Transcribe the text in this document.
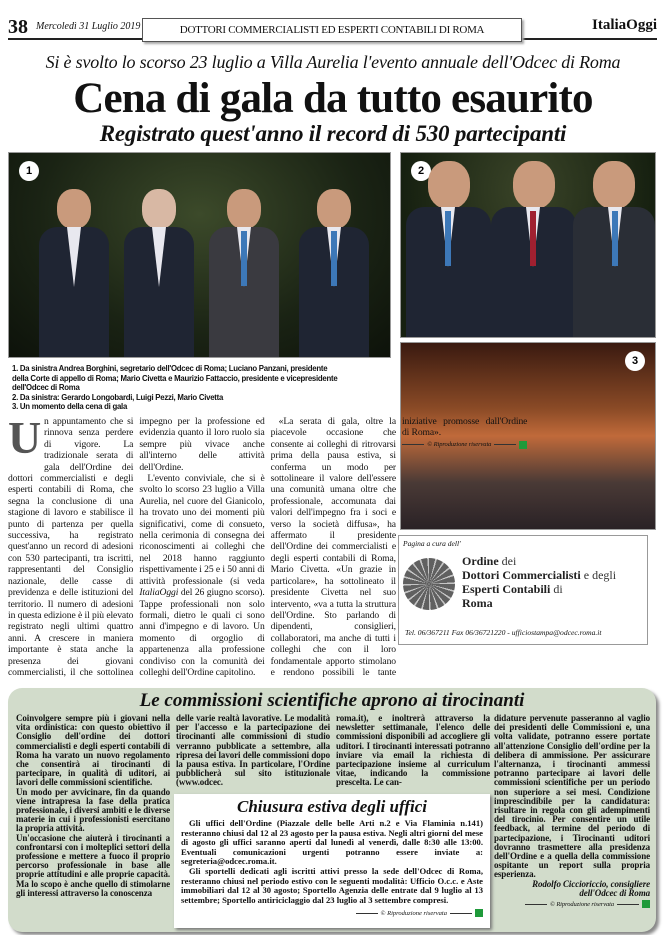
38 Mercoledì 31 Luglio 2019	DOTTORI COMMERCIALISTI ED ESPERTI CONTABILI DI ROMA	ItaliaOggi
Si è svolto lo scorso 23 luglio a Villa Aurelia l'evento annuale dell'Odcec di Roma
Cena di gala da tutto esaurito
Registrato quest'anno il record di 530 partecipanti
1	2
3
1. Da sinistra Andrea Borghini, segretario dell'Odcec di Roma; Luciano Panzani, presidente
della Corte di appello di Roma; Mario Civetta e Maurizio Fattaccio, presidente e vicepresidente
dell'Odcec di Roma
2. Da sinistra: Gerardo Longobardi, Luigi Pezzi, Mario Civetta
3. Un momento della cena di gala

Un appuntamento che si rinnova senza perdere di vigore. La tradizionale serata di gala dell'Ordine dei dottori commercialisti e degli esperti contabili di Roma, che segna la conclusione di una stagione di lavoro e stabilisce il punto di partenza per quella successiva, ha registrato quest'anno un record di adesioni con 530 partecipanti, tra iscritti, rappresentanti del Consiglio nazionale, delle casse di previdenza e delle istituzioni del territorio. Il numero di adesioni in questa edizione è il più elevato registrato negli ultimi quattro anni. A crescere in maniera importante è stata anche la presenza dei giovani commercialisti, il che sottolinea impegno per la professione ed evidenzia quanto il loro ruolo sia sempre più vivace anche all'interno delle attività dell'Ordine.

L'evento conviviale, che si è svolto lo scorso 23 luglio a Villa Aurelia, nel cuore del Gianicolo, ha trovato uno dei momenti più significativi, come di consueto, nella cerimonia di consegna dei riconoscimenti ai colleghi che nel 2018 hanno raggiunto rispettivamente i 25 e i 50 anni di attività professionale (si veda ItaliaOggi del 26 giugno scorso). Tappe professionali non solo formali, dietro le quali ci sono anni d'impegno e di lavoro. Un momento di orgoglio di appartenenza alla professione condiviso con la comunità dei colleghi dell'Ordine capitolino.

«La serata di gala, oltre la piacevole occasione che consente ai colleghi di ritrovarsi prima della pausa estiva, si conferma un modo per sottolineare il valore dell'essere una comunità umana oltre che professionale, accomunata dai valori dell'impegno fra i soci e verso la società diffusa», ha affermato il presidente dell'Ordine dei commercialisti e degli esperti contabili di Roma, Mario Civetta. «Un grazie in particolare», ha sottolineato il presidente Civetta nel suo intervento, «va a tutta la struttura dell'Ordine. Sto parlando di dipendenti, consiglieri, collaboratori, ma anche di tutti i colleghi che con il loro fondamentale apporto stimolano e rendono possibili le tante iniziative promosse dall'Ordine di Roma».

© Riproduzione riservata
Pagina a cura dell'
Ordine dei
Dottori Commercialisti e degli
Esperti Contabili di
Roma
Tel. 06/367211 Fax 06/36721220 - ufficiostampa@odcec.roma.it
Le commissioni scientifiche aprono ai tirocinanti

Coinvolgere sempre più i giovani nella vita ordinistica: con questo obiettivo il Consiglio dell'ordine dei dottori commercialisti e degli esperti contabili di Roma ha varato un nuovo regolamento che consentirà ai tirocinanti di partecipare, in qualità di uditori, ai lavori delle commissioni scientifiche.

Un modo per avvicinare, fin da quando viene intrapresa la fase della pratica professionale, i diversi ambiti e le diverse materie in cui i professionisti esercitano la propria attività.

Un'occasione che aiuterà i tirocinanti a confrontarsi con i molteplici settori della professione e mettere a fuoco il proprio percorso professionale in base alle proprie attitudini e alle proprie capacità. Ma lo scopo è anche quello di stimolarne gli interessi attraverso la conoscenza

delle varie realtà lavorative. Le modalità per l'accesso e la partecipazione dei tirocinanti alle commissioni di studio verranno pubblicate a settembre, alla ripresa dei lavori delle commissioni dopo la pausa estiva. In particolare, l'Ordine pubblicherà sul sito istituzionale (www.odcec.
roma.it), e inoltrerà attraverso la newsletter settimanale, l'elenco delle commissioni disponibili ad accogliere gli uditori. I tirocinanti interessati potranno inviare via email la richiesta di partecipazione insieme al curriculum vitae, indicando la commissione prescelta. Le can-

didature pervenute passeranno al vaglio dei presidenti delle Commissioni e, una volta validate, potranno essere portate all'attenzione Consiglio dell'ordine per la delibera di ammissione. Per assicurare l'alternanza, i tirocinanti ammessi potranno partecipare ai lavori delle commissioni scientifiche per un periodo non superiore a sei mesi. Condizione imprescindibile per la candidatura: risultare in regola con gli adempimenti del tirocinio. Per consentire un utile feedback, al termine del periodo di partecipazione, i Tirocinanti uditori dovranno trasmettere alla presidenza dell'Ordine e a quella della commissione ospitante un report sulla propria esperienza.

Rodolfo Ciccioriccio, consigliere dell'Odcec di Roma

© Riproduzione riservata
Chiusura estiva degli uffici

Gli uffici dell'Ordine (Piazzale delle belle Arti n.2 e Via Flaminia n.141) resteranno chiusi dal 12 al 23 agosto per la pausa estiva. Negli altri giorni del mese di agosto gli uffici saranno aperti dal lunedì al venerdì, dalle 8:30 alle 13:00. Eventuali comunicazioni urgenti potranno essere inviate a: segreteria@odcec.roma.it.

Gli sportelli dedicati agli iscritti attivi presso la sede dell'Odcec di Roma, resteranno chiusi nel periodo estivo con le seguenti modalità: Ufficio O.c.c. e Aste immobiliari dal 12 al 30 agosto; Sportello Agenzia delle entrate dal 9 luglio al 13 settembre; Sportello antiriciclaggio dal 23 luglio al 3 settembre compresi.

© Riproduzione riservata
